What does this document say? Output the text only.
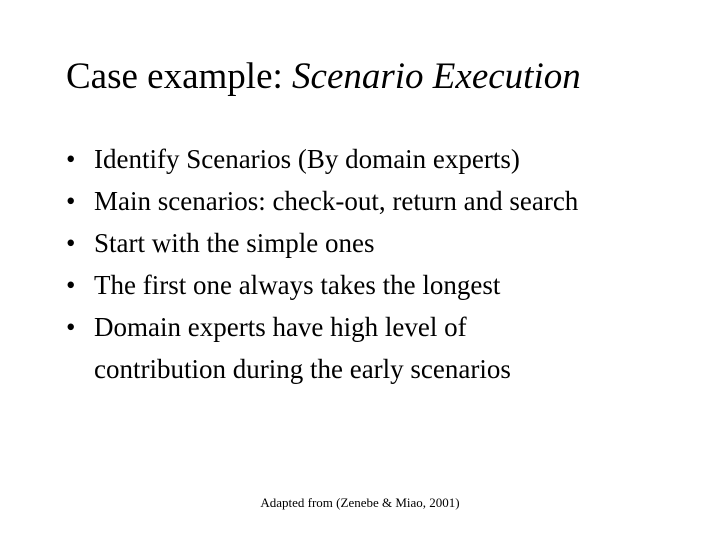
Case example: Scenario Execution
• Identify Scenarios (By domain experts)
• Main scenarios: check-out, return and search
• Start with the simple ones
• The first one always takes the longest
• Domain experts have high level of contribution during the early scenarios
Adapted from (Zenebe & Miao, 2001)
